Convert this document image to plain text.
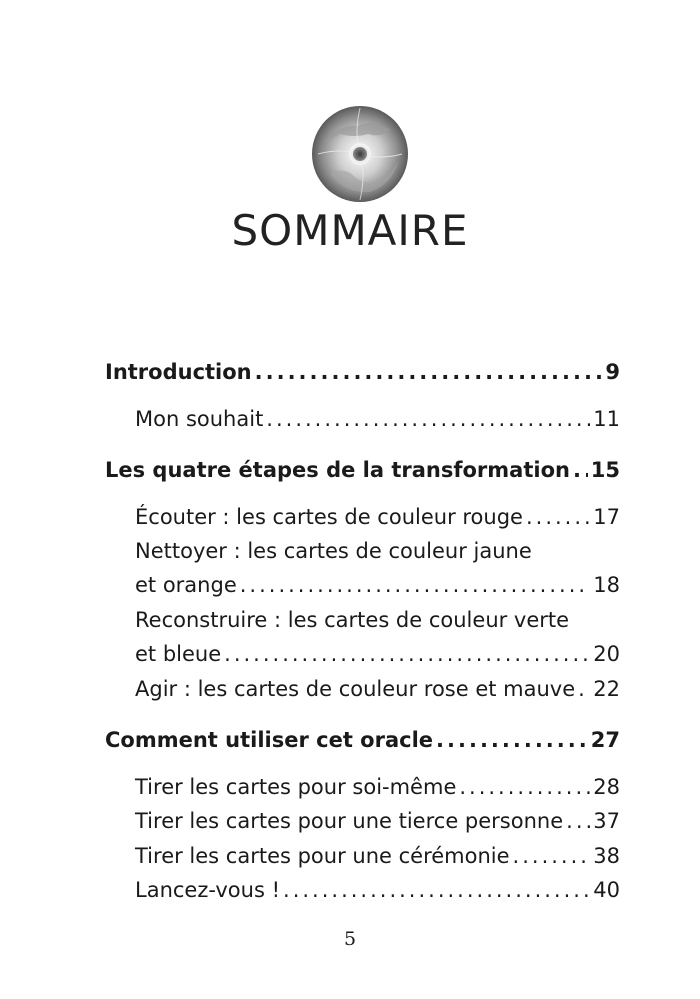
SOMMAIRE
Introduction .....	9
Mon souhait .....	11
Les quatre étapes de la transformation ..... 15
Écouter : les cartes de couleur rouge .....	17
Nettoyer : les cartes de couleur jaune
et orange .....	18
Reconstruire : les cartes de couleur verte
et bleue .....	20
Agir : les cartes de couleur rose et mauve ..... 22
Comment utiliser cet oracle .....	27
Tirer les cartes pour soi-même .....	28
Tirer les cartes pour une tierce personne ..... 37
Tirer les cartes pour une cérémonie .....	38
Lancez-vous ! .....	40
5
